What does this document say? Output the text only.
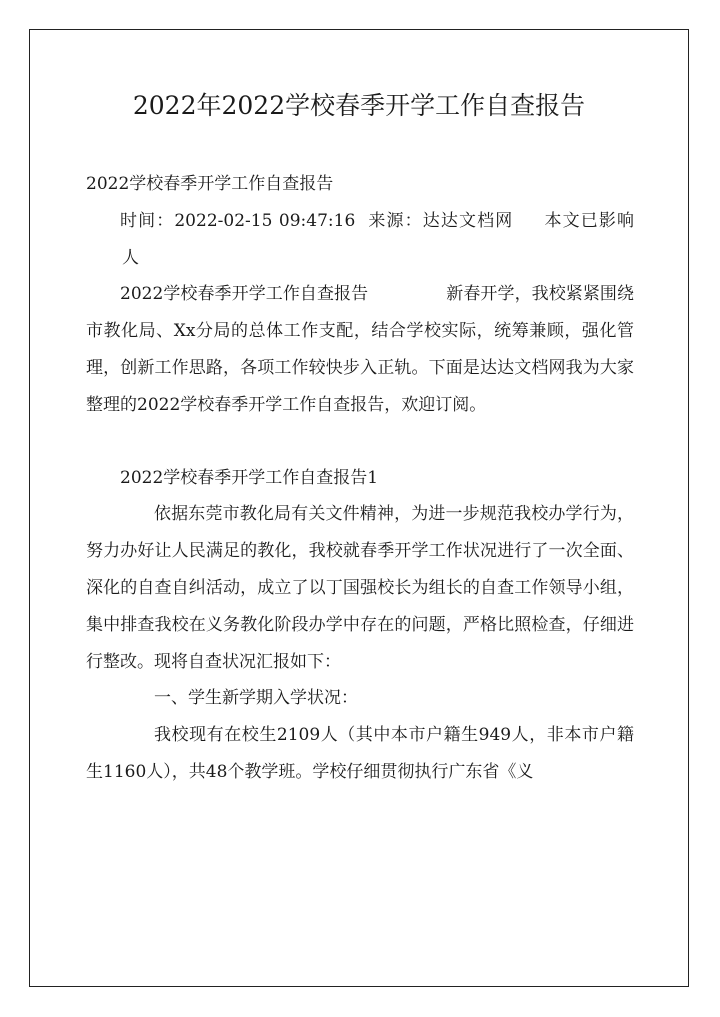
2022年2022学校春季开学工作自查报告

2022学校春季开学工作自查报告

时间：2022-02-15 09:47:16 来源：达达文档网 本文已影响人

2022学校春季开学工作自查报告	新春开学，我校紧紧围绕市教化局、Xx分局的总体工作支配，结合学校实际，统筹兼顾，强化管理，创新工作思路，各项工作较快步入正轨。下面是达达文档网我为大家整理的2022学校春季开学工作自查报告，欢迎订阅。

2022学校春季开学工作自查报告1

依据东莞市教化局有关文件精神，为进一步规范我校办学行为，努力办好让人民满足的教化，我校就春季开学工作状况进行了一次全面、深化的自查自纠活动，成立了以丁国强校长为组长的自查工作领导小组，集中排查我校在义务教化阶段办学中存在的问题，严格比照检查，仔细进行整改。现将自查状况汇报如下：

一、学生新学期入学状况：

我校现有在校生2109人（其中本市户籍生949人，非本市户籍生1160人），共48个教学班。学校仔细贯彻执行广东省《义
